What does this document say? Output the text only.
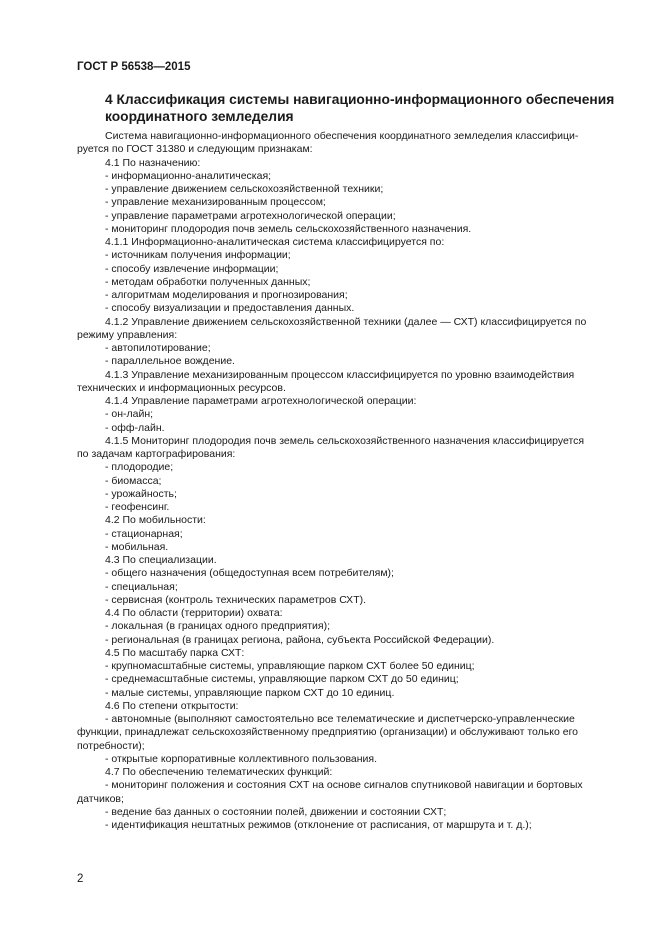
ГОСТ Р 56538—2015
4 Классификация системы навигационно-информационного обеспечения
координатного земледелия
Система навигационно-информационного обеспечения координатного земледелия классифици-
руется по ГОСТ 31380 и следующим признакам:
4.1 По назначению:
- информационно-аналитическая;
- управление движением сельскохозяйственной техники;
- управление механизированным процессом;
- управление параметрами агротехнологической операции;
- мониторинг плодородия почв земель сельскохозяйственного назначения.
4.1.1 Информационно-аналитическая система классифицируется по:
- источникам получения информации;
- способу извлечение информации;
- методам обработки полученных данных;
- алгоритмам моделирования и прогнозирования;
- способу визуализации и предоставления данных.
4.1.2 Управление движением сельскохозяйственной техники (далее — СХТ) классифицируется по
режиму управления:
- автопилотирование;
- параллельное вождение.
4.1.3 Управление механизированным процессом классифицируется по уровню взаимодействия
технических и информационных ресурсов.
4.1.4 Управление параметрами агротехнологической операции:
- он-лайн;
- офф-лайн.
4.1.5 Мониторинг плодородия почв земель сельскохозяйственного назначения классифицируется
по задачам картографирования:
- плодородие;
- биомасса;
- урожайность;
- геофенсинг.
4.2 По мобильности:
- стационарная;
- мобильная.
4.3 По специализации.
- общего назначения (общедоступная всем потребителям);
- специальная;
- сервисная (контроль технических параметров СХТ).
4.4 По области (территории) охвата:
- локальная (в границах одного предприятия);
- региональная (в границах региона, района, субъекта Российской Федерации).
4.5 По масштабу парка СХТ:
- крупномасштабные системы, управляющие парком СХТ более 50 единиц;
- среднемасштабные системы, управляющие парком СХТ до 50 единиц;
- малые системы, управляющие парком СХТ до 10 единиц.
4.6 По степени открытости:
- автономные (выполняют самостоятельно все телематические и диспетчерско-управленческие
функции, принадлежат сельскохозяйственному предприятию (организации) и обслуживают только его
потребности);
- открытые корпоративные коллективного пользования.
4.7 По обеспечению телематических функций:
- мониторинг положения и состояния СХТ на основе сигналов спутниковой навигации и бортовых
датчиков;
- ведение баз данных о состоянии полей, движении и состоянии СХТ;
- идентификация нештатных режимов (отклонение от расписания, от маршрута и т. д.);
2
